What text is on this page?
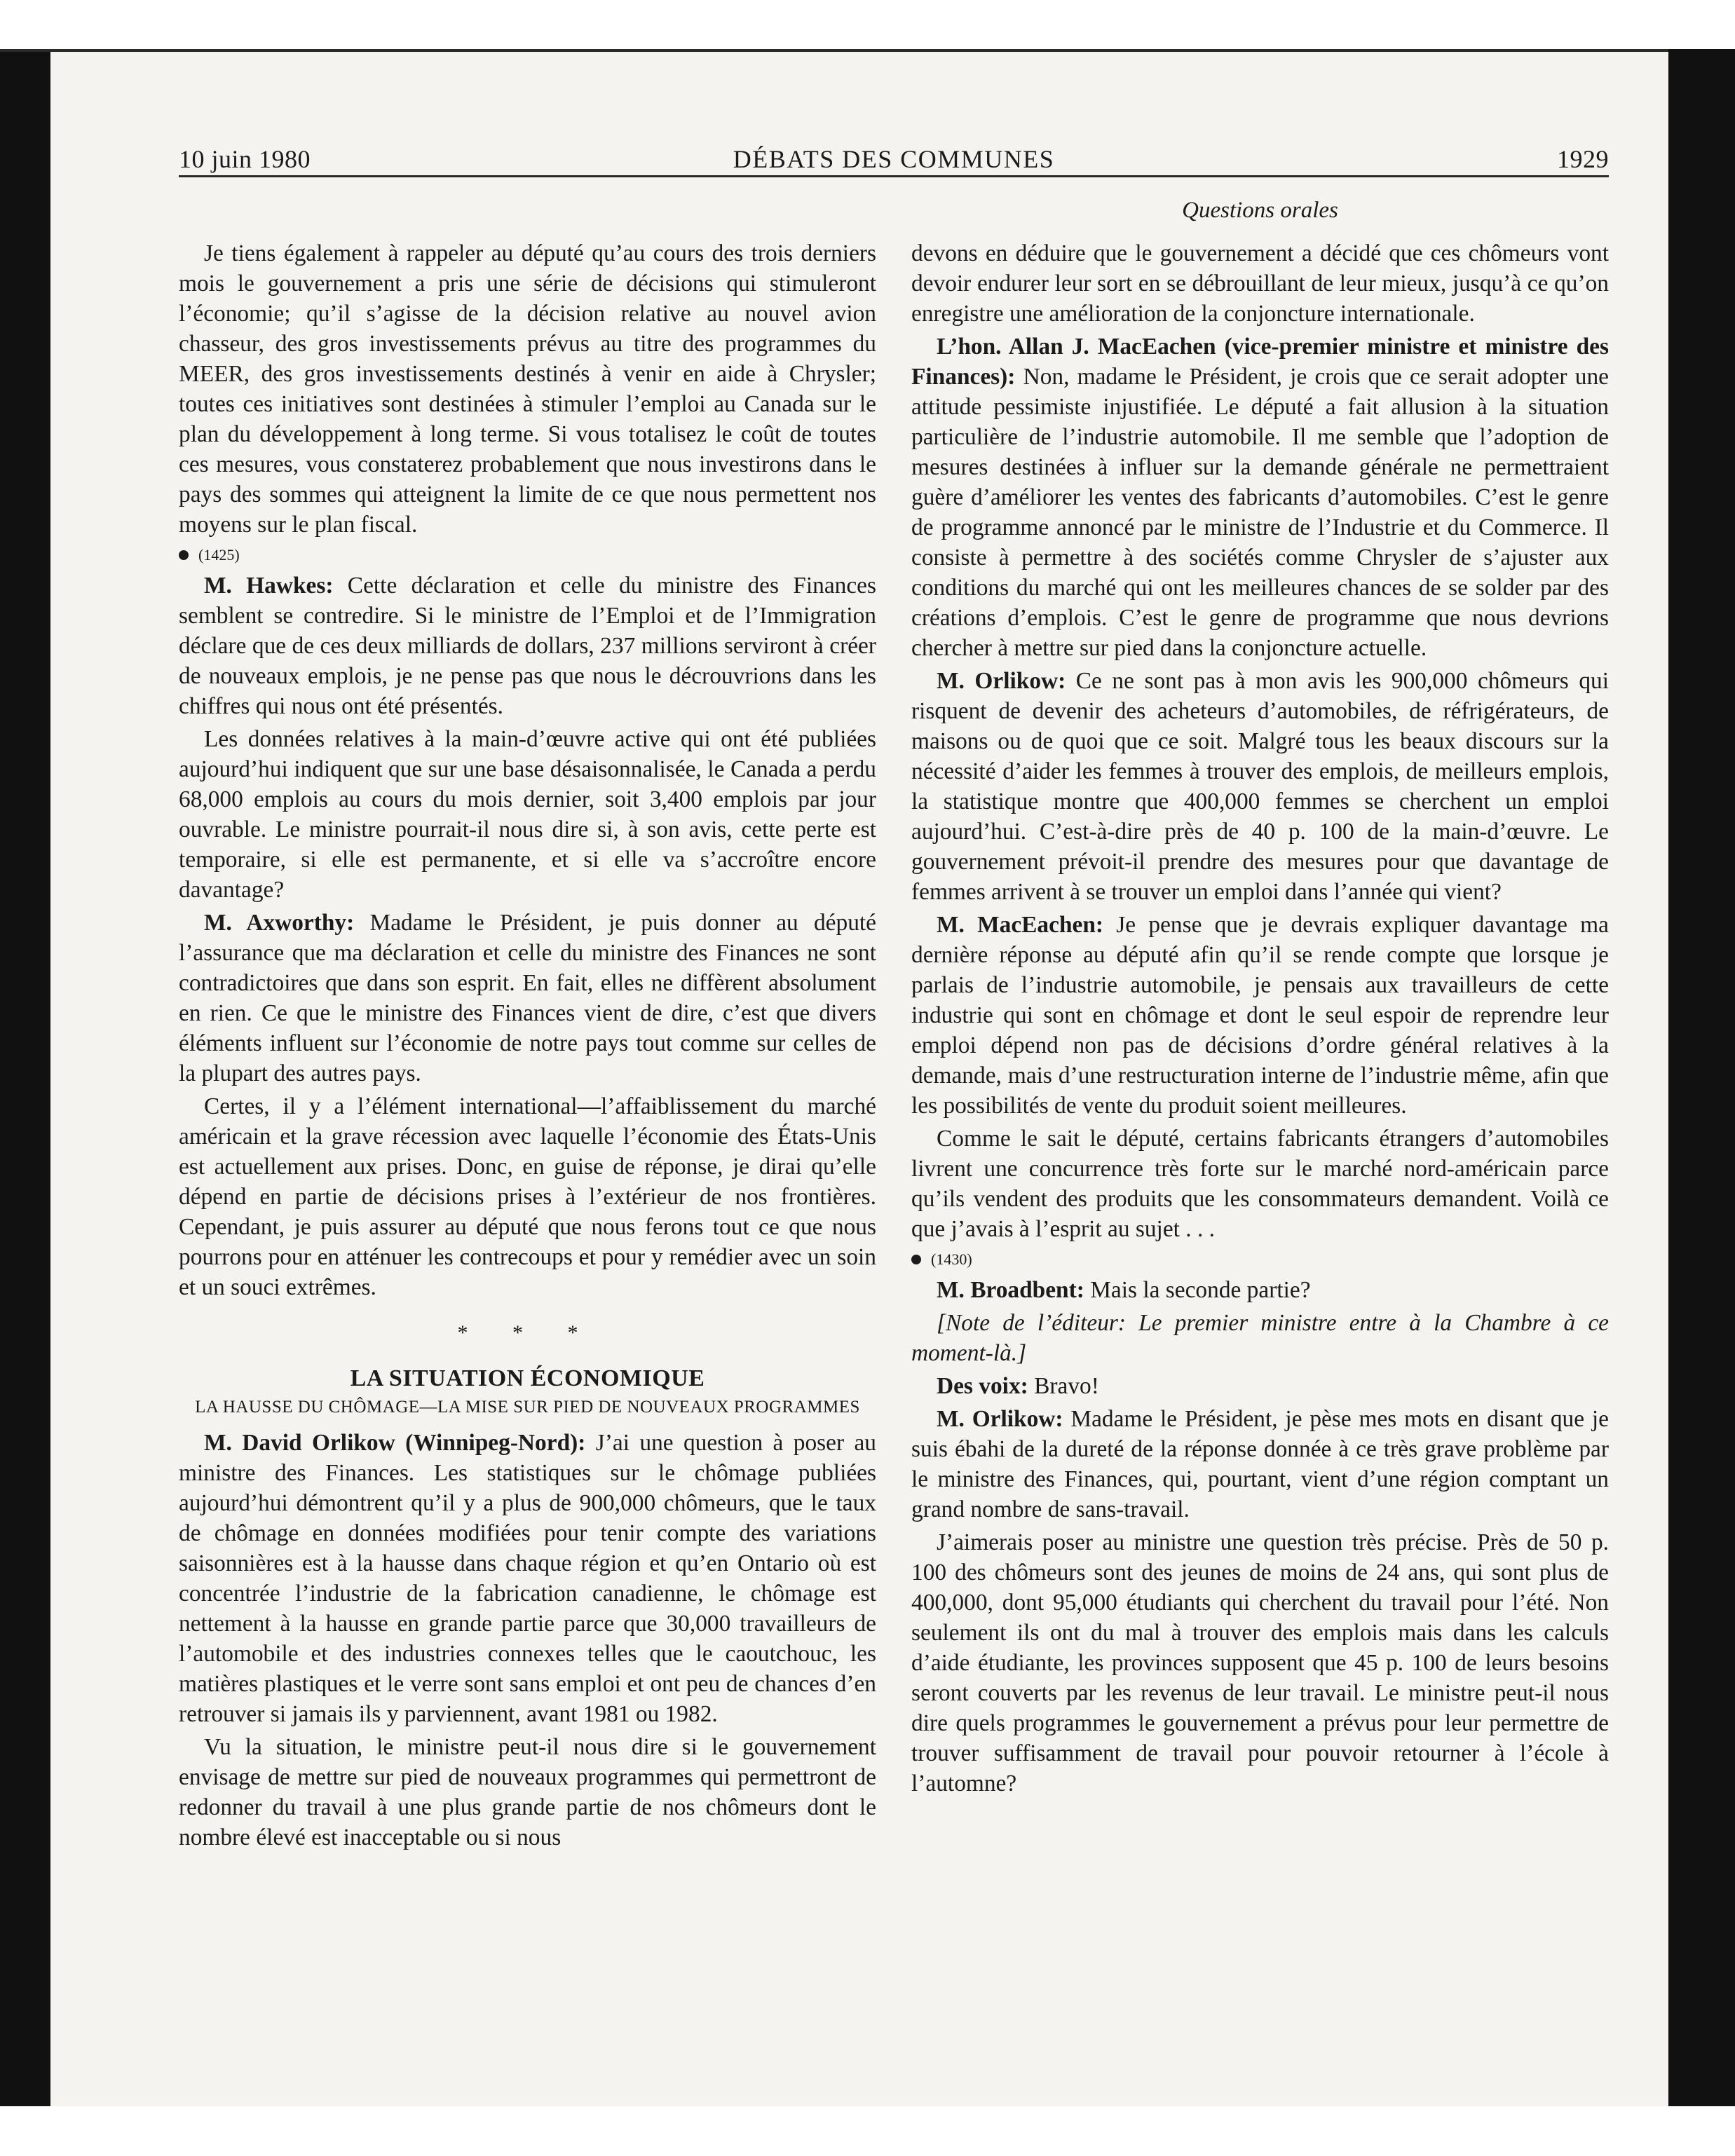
10 juin 1980	DÉBATS DES COMMUNES	1929
Questions orales

Je tiens également à rappeler au député qu’au cours des trois derniers mois le gouvernement a pris une série de décisions qui stimuleront l’économie; qu’il s’agisse de la décision relative au nouvel avion chasseur, des gros investissements prévus au titre des programmes du MEER, des gros investissements destinés à venir en aide à Chrysler; toutes ces initiatives sont destinées à stimuler l’emploi au Canada sur le plan du développement à long terme. Si vous totalisez le coût de toutes ces mesures, vous constaterez probablement que nous investirons dans le pays des sommes qui atteignent la limite de ce que nous permettent nos moyens sur le plan fiscal.

(1425)

M. Hawkes: Cette déclaration et celle du ministre des Finances semblent se contredire. Si le ministre de l’Emploi et de l’Immigration déclare que de ces deux milliards de dollars, 237 millions serviront à créer de nouveaux emplois, je ne pense pas que nous le décrouvrions dans les chiffres qui nous ont été présentés.

Les données relatives à la main-d’œuvre active qui ont été publiées aujourd’hui indiquent que sur une base désaisonnalisée, le Canada a perdu 68,000 emplois au cours du mois dernier, soit 3,400 emplois par jour ouvrable. Le ministre pourrait-il nous dire si, à son avis, cette perte est temporaire, si elle est permanente, et si elle va s’accroître encore davantage?

M. Axworthy: Madame le Président, je puis donner au député l’assurance que ma déclaration et celle du ministre des Finances ne sont contradictoires que dans son esprit. En fait, elles ne diffèrent absolument en rien. Ce que le ministre des Finances vient de dire, c’est que divers éléments influent sur l’économie de notre pays tout comme sur celles de la plupart des autres pays.

Certes, il y a l’élément international—l’affaiblissement du marché américain et la grave récession avec laquelle l’économie des États-Unis est actuellement aux prises. Donc, en guise de réponse, je dirai qu’elle dépend en partie de décisions prises à l’extérieur de nos frontières. Cependant, je puis assurer au député que nous ferons tout ce que nous pourrons pour en atténuer les contrecoups et pour y remédier avec un soin et un souci extrêmes.

* * *
LA SITUATION ÉCONOMIQUE
LA HAUSSE DU CHÔMAGE—LA MISE SUR PIED DE NOUVEAUX PROGRAMMES

M. David Orlikow (Winnipeg-Nord): J’ai une question à poser au ministre des Finances. Les statistiques sur le chômage publiées aujourd’hui démontrent qu’il y a plus de 900,000 chômeurs, que le taux de chômage en données modifiées pour tenir compte des variations saisonnières est à la hausse dans chaque région et qu’en Ontario où est concentrée l’industrie de la fabrication canadienne, le chômage est nettement à la hausse en grande partie parce que 30,000 travailleurs de l’automobile et des industries connexes telles que le caoutchouc, les matières plastiques et le verre sont sans emploi et ont peu de chances d’en retrouver si jamais ils y parviennent, avant 1981 ou 1982.

Vu la situation, le ministre peut-il nous dire si le gouvernement envisage de mettre sur pied de nouveaux programmes qui permettront de redonner du travail à une plus grande partie de nos chômeurs dont le nombre élevé est inacceptable ou si nous

devons en déduire que le gouvernement a décidé que ces chômeurs vont devoir endurer leur sort en se débrouillant de leur mieux, jusqu’à ce qu’on enregistre une amélioration de la conjoncture internationale.

L’hon. Allan J. MacEachen (vice-premier ministre et ministre des Finances): Non, madame le Président, je crois que ce serait adopter une attitude pessimiste injustifiée. Le député a fait allusion à la situation particulière de l’industrie automobile. Il me semble que l’adoption de mesures destinées à influer sur la demande générale ne permettraient guère d’améliorer les ventes des fabricants d’automobiles. C’est le genre de programme annoncé par le ministre de l’Industrie et du Commerce. Il consiste à permettre à des sociétés comme Chrysler de s’ajuster aux conditions du marché qui ont les meilleures chances de se solder par des créations d’emplois. C’est le genre de programme que nous devrions chercher à mettre sur pied dans la conjoncture actuelle.

M. Orlikow: Ce ne sont pas à mon avis les 900,000 chômeurs qui risquent de devenir des acheteurs d’automobiles, de réfrigérateurs, de maisons ou de quoi que ce soit. Malgré tous les beaux discours sur la nécessité d’aider les femmes à trouver des emplois, de meilleurs emplois, la statistique montre que 400,000 femmes se cherchent un emploi aujourd’hui. C’est-à-dire près de 40 p. 100 de la main-d’œuvre. Le gouvernement prévoit-il prendre des mesures pour que davantage de femmes arrivent à se trouver un emploi dans l’année qui vient?

M. MacEachen: Je pense que je devrais expliquer davantage ma dernière réponse au député afin qu’il se rende compte que lorsque je parlais de l’industrie automobile, je pensais aux travailleurs de cette industrie qui sont en chômage et dont le seul espoir de reprendre leur emploi dépend non pas de décisions d’ordre général relatives à la demande, mais d’une restructuration interne de l’industrie même, afin que les possibilités de vente du produit soient meilleures.

Comme le sait le député, certains fabricants étrangers d’automobiles livrent une concurrence très forte sur le marché nord-américain parce qu’ils vendent des produits que les consommateurs demandent. Voilà ce que j’avais à l’esprit au sujet . . .

(1430)

M. Broadbent: Mais la seconde partie?

[Note de l’éditeur: Le premier ministre entre à la Chambre à ce moment-là.]

Des voix: Bravo!

M. Orlikow: Madame le Président, je pèse mes mots en disant que je suis ébahi de la dureté de la réponse donnée à ce très grave problème par le ministre des Finances, qui, pourtant, vient d’une région comptant un grand nombre de sans-travail.

J’aimerais poser au ministre une question très précise. Près de 50 p. 100 des chômeurs sont des jeunes de moins de 24 ans, qui sont plus de 400,000, dont 95,000 étudiants qui cherchent du travail pour l’été. Non seulement ils ont du mal à trouver des emplois mais dans les calculs d’aide étudiante, les provinces supposent que 45 p. 100 de leurs besoins seront couverts par les revenus de leur travail. Le ministre peut-il nous dire quels programmes le gouvernement a prévus pour leur permettre de trouver suffisamment de travail pour pouvoir retourner à l’école à l’automne?
